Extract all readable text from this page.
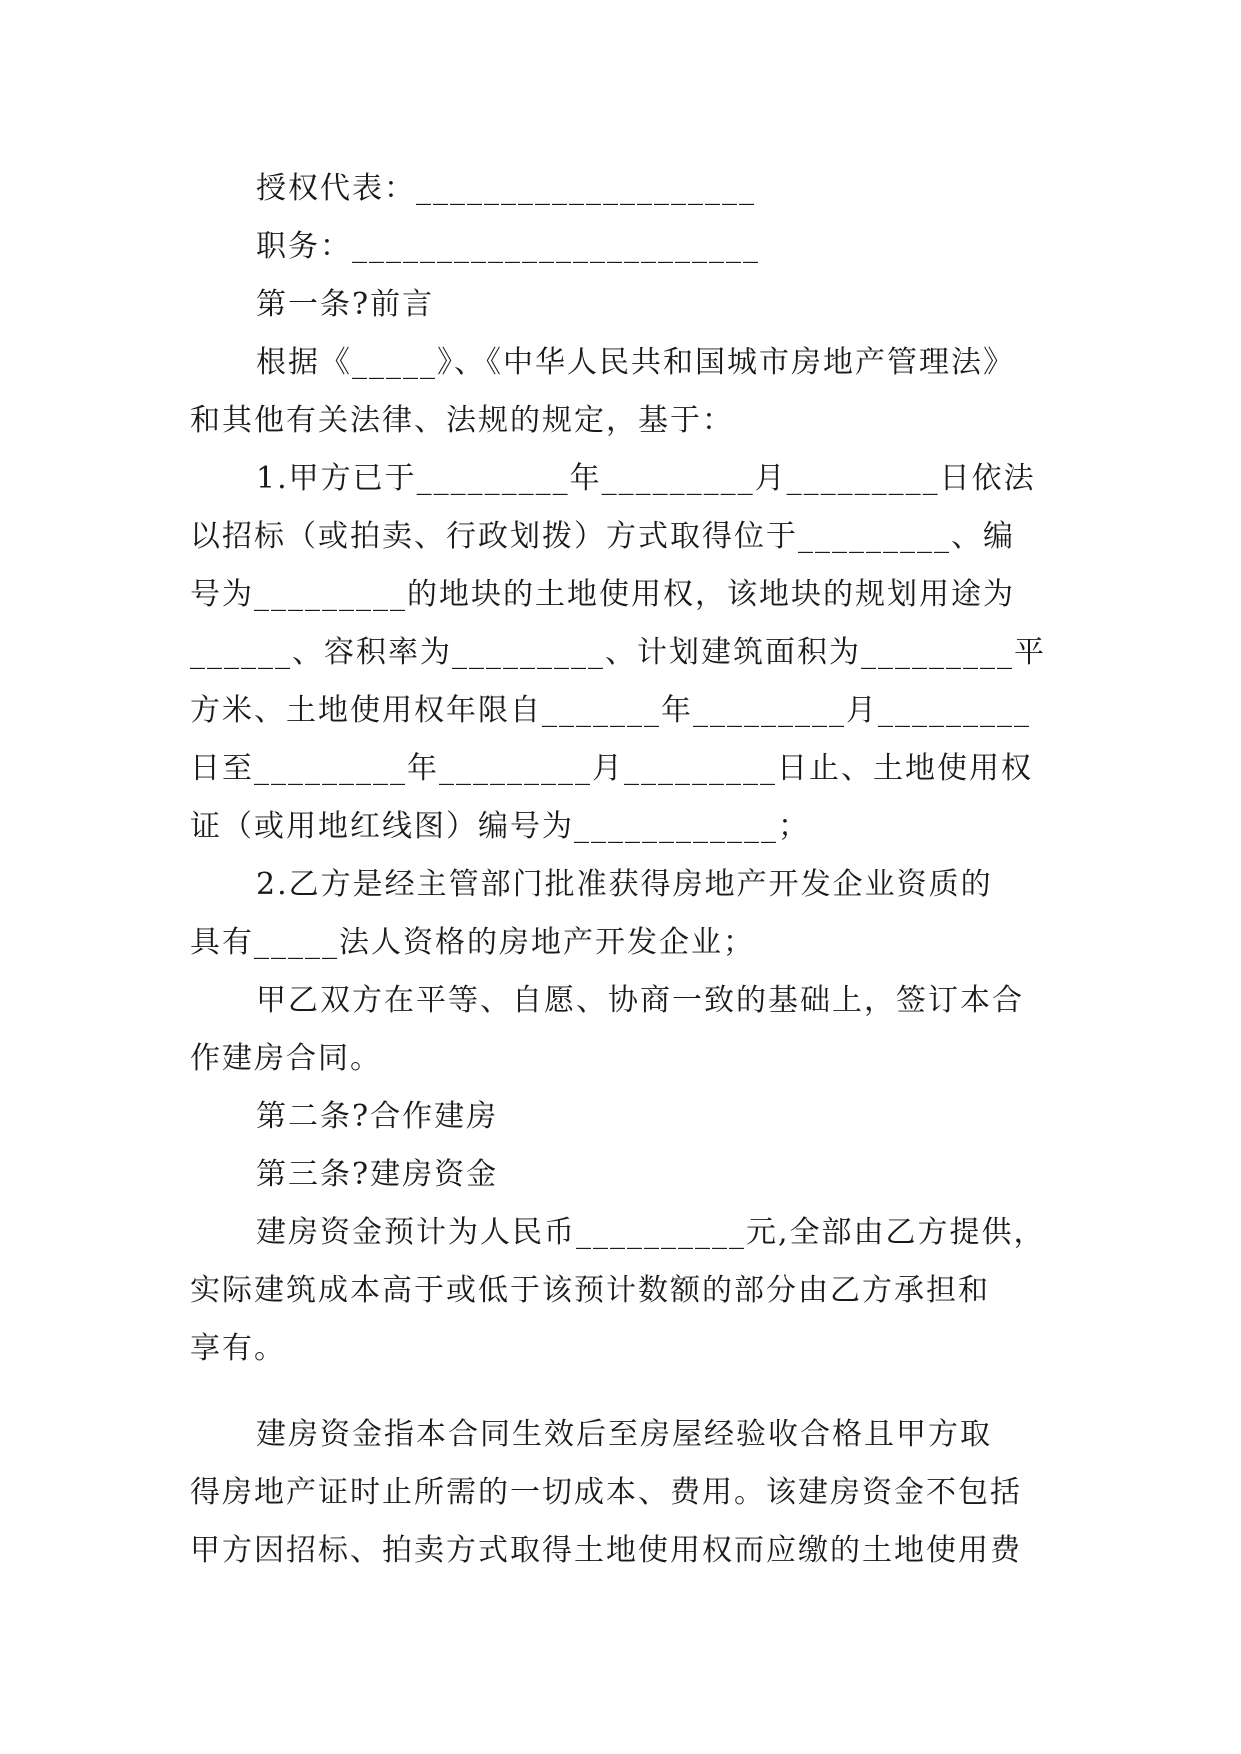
授权代表：____________________
职务：________________________
第一条?前言
根据《_____》、《中华人民共和国城市房地产管理法》
和其他有关法律、法规的规定，基于：
1.甲方已于_________年_________月_________日依法
以招标（或拍卖、行政划拨）方式取得位于_________、编
号为_________的地块的土地使用权，该地块的规划用途为
______、容积率为_________、计划建筑面积为_________平
方米、土地使用权年限自_______年_________月_________
日至_________年_________月_________日止、土地使用权
证（或用地红线图）编号为____________；
2.乙方是经主管部门批准获得房地产开发企业资质的
具有_____法人资格的房地产开发企业；
甲乙双方在平等、自愿、协商一致的基础上，签订本合
作建房合同。
第二条?合作建房
第三条?建房资金
建房资金预计为人民币__________元,全部由乙方提供，
实际建筑成本高于或低于该预计数额的部分由乙方承担和
享有。
建房资金指本合同生效后至房屋经验收合格且甲方取
得房地产证时止所需的一切成本、费用。该建房资金不包括
甲方因招标、拍卖方式取得土地使用权而应缴的土地使用费
